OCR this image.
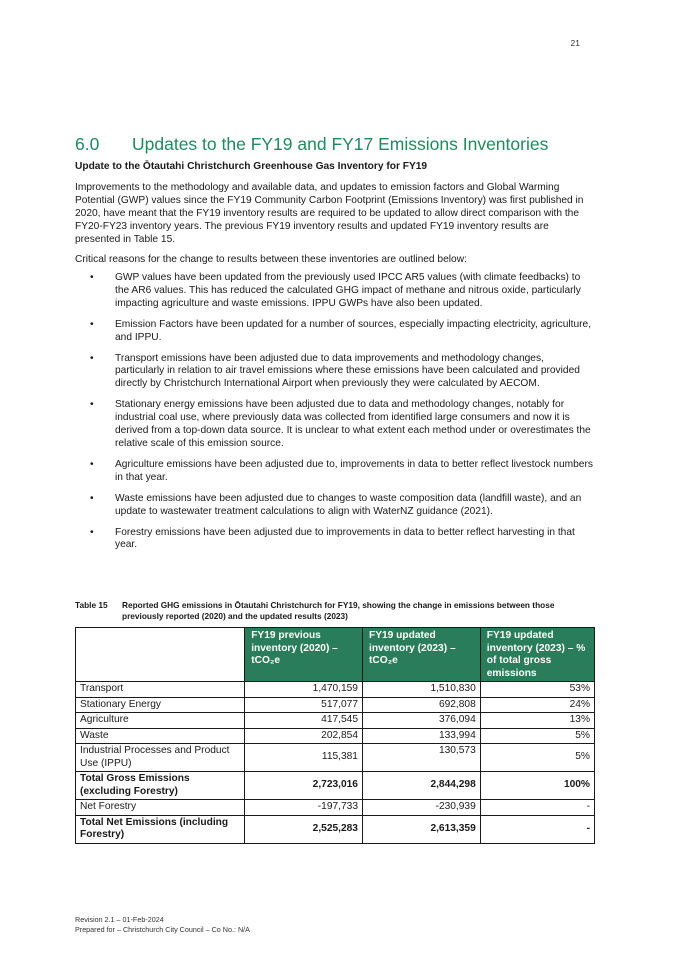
21
6.0 Updates to the FY19 and FY17 Emissions Inventories
Update to the Ōtautahi Christchurch Greenhouse Gas Inventory for FY19

Improvements to the methodology and available data, and updates to emission factors and Global Warming Potential (GWP) values since the FY19 Community Carbon Footprint (Emissions Inventory) was first published in 2020, have meant that the FY19 inventory results are required to be updated to allow direct comparison with the FY20-FY23 inventory years. The previous FY19 inventory results and updated FY19 inventory results are presented in Table 15.

Critical reasons for the change to results between these inventories are outlined below:

• GWP values have been updated from the previously used IPCC AR5 values (with climate feedbacks) to the AR6 values. This has reduced the calculated GHG impact of methane and nitrous oxide, particularly impacting agriculture and waste emissions. IPPU GWPs have also been updated.
• Emission Factors have been updated for a number of sources, especially impacting electricity, agriculture, and IPPU.
• Transport emissions have been adjusted due to data improvements and methodology changes, particularly in relation to air travel emissions where these emissions have been calculated and provided directly by Christchurch International Airport when previously they were calculated by AECOM.
• Stationary energy emissions have been adjusted due to data and methodology changes, notably for industrial coal use, where previously data was collected from identified large consumers and now it is derived from a top-down data source. It is unclear to what extent each method under or overestimates the relative scale of this emission source.
• Agriculture emissions have been adjusted due to, improvements in data to better reflect livestock numbers in that year.
• Waste emissions have been adjusted due to changes to waste composition data (landfill waste), and an update to wastewater treatment calculations to align with WaterNZ guidance (2021).
• Forestry emissions have been adjusted due to improvements in data to better reflect harvesting in that year.
Table 15 Reported GHG emissions in Ōtautahi Christchurch for FY19, showing the change in emissions between those previously reported (2020) and the updated results (2023)
	FY19 previous inventory (2020) – tCO₂e	FY19 updated inventory (2023) – tCO₂e	FY19 updated inventory (2023) – % of total gross emissions
Transport	1,470,159	1,510,830	53%
Stationary Energy	517,077	692,808	24%
Agriculture	417,545	376,094	13%
Waste	202,854	133,994	5%
Industrial Processes and Product Use (IPPU)	115,381	130,573	5%
Total Gross Emissions (excluding Forestry)	2,723,016	2,844,298	100%
Net Forestry	-197,733	-230,939	-
Total Net Emissions (including Forestry)	2,525,283	2,613,359	-
Revision 2.1 – 01-Feb-2024
Prepared for – Christchurch City Council – Co No.: N/A
